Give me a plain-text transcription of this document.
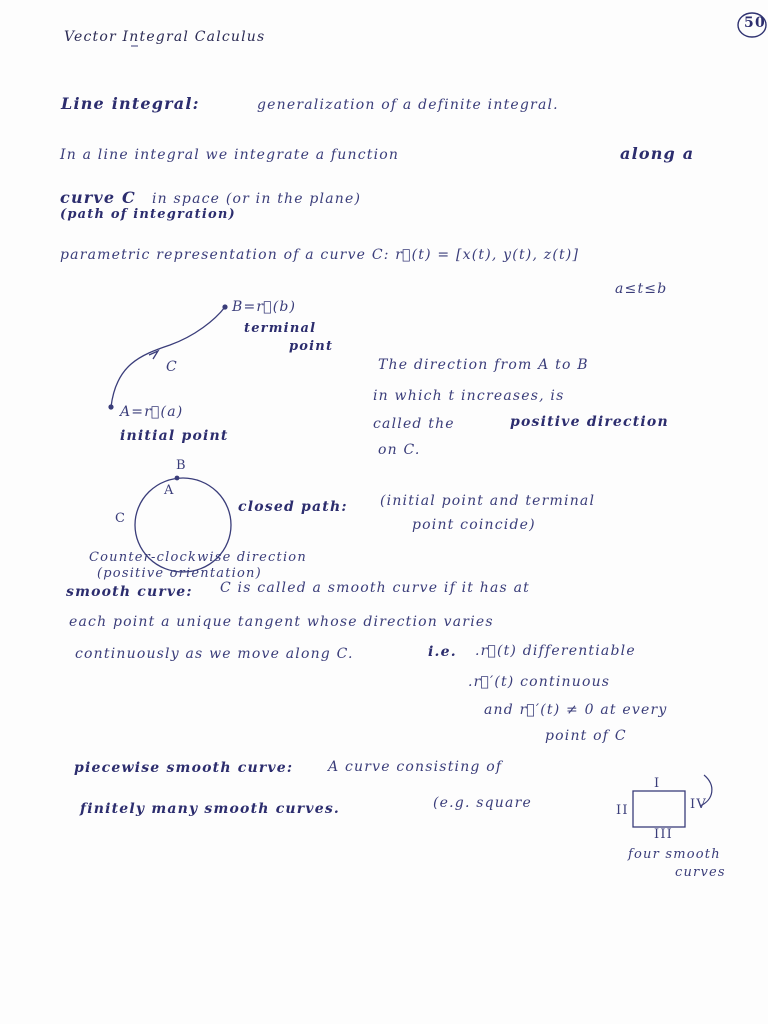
50
Vector Integral Calculus
Line integral:	generalization of a definite integral.
In a line integral we integrate a function	along a
curve C in space (or in the plane)
(path of integration)
parametric representation of a curve C: r⃗(t) = [x(t), y(t), z(t)]
a≤t≤b
B=r⃗(b)
terminal
point
C
A=r⃗(a)
initial point
The direction from A to B
in which t increases, is
called the	positive direction
on C.
B
A
C
Counter-clockwise direction
(positive orientation)
closed path: (initial point and terminal
point coincide)
smooth curve: C is called a smooth curve if it has at
each point a unique tangent whose direction varies
continuously as we move along C.	i.e. .r⃗(t) differentiable
.r⃗′(t) continuous
and r⃗′(t) ≠ 0 at every
point of C
piecewise smooth curve: A curve consisting of
finitely many smooth curves.	(e.g. square
I
II
III
IV
four smooth
curves
